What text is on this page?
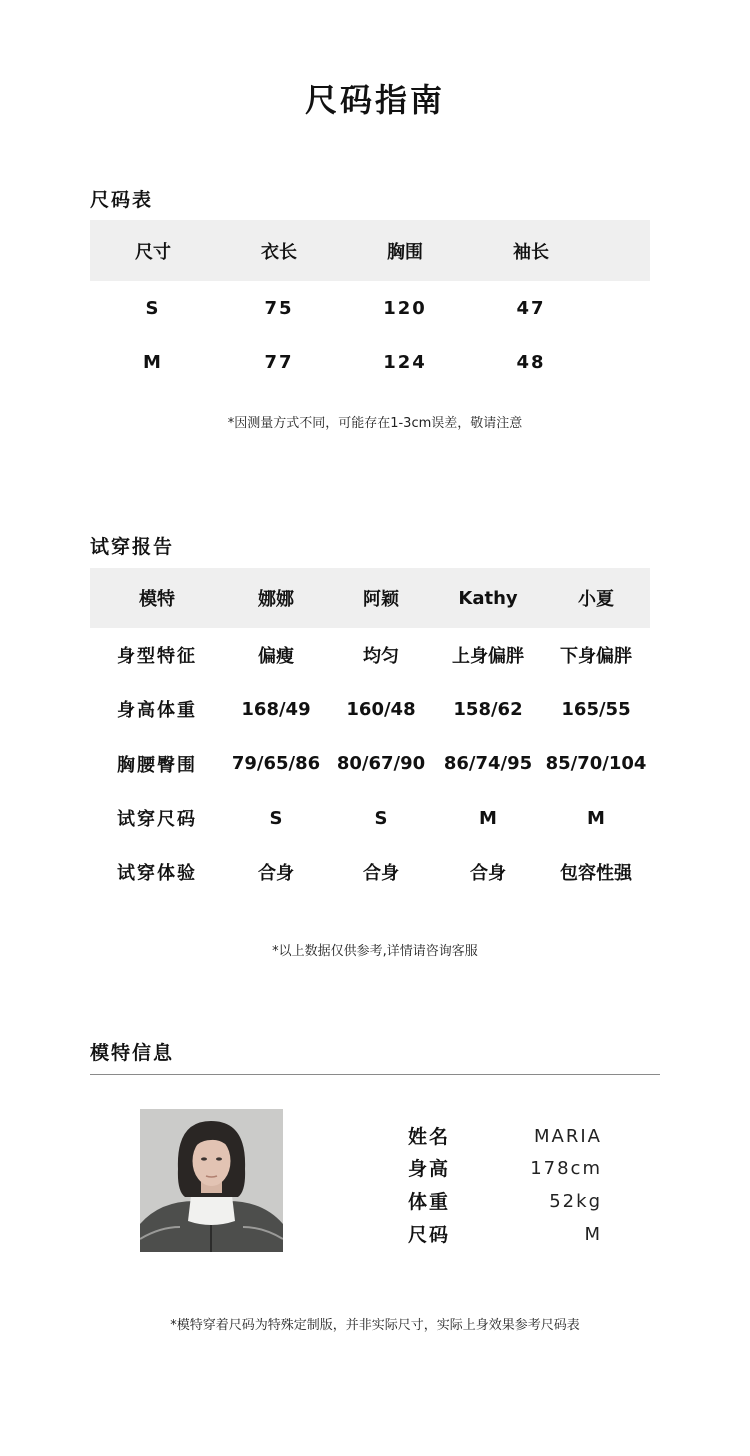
尺码指南
尺码表
尺寸	衣长	胸围	袖长	
S	75	120	47	
M	77	124	48	
*因测量方式不同，可能存在1-3cm误差，敬请注意
试穿报告
模特	娜娜	阿颖	Kathy	小夏
身型特征	偏瘦	均匀	上身偏胖	下身偏胖
身高体重	168/49	160/48	158/62	165/55
胸腰臀围	79/65/86	80/67/90	86/74/95	85/70/104
试穿尺码	S	S	M	M
试穿体验	合身	合身	合身	包容性强
*以上数据仅供参考,详情请咨询客服
模特信息
姓名	MARIA
身高	178cm
体重	52kg
尺码	M
*模特穿着尺码为特殊定制版，并非实际尺寸，实际上身效果参考尺码表
